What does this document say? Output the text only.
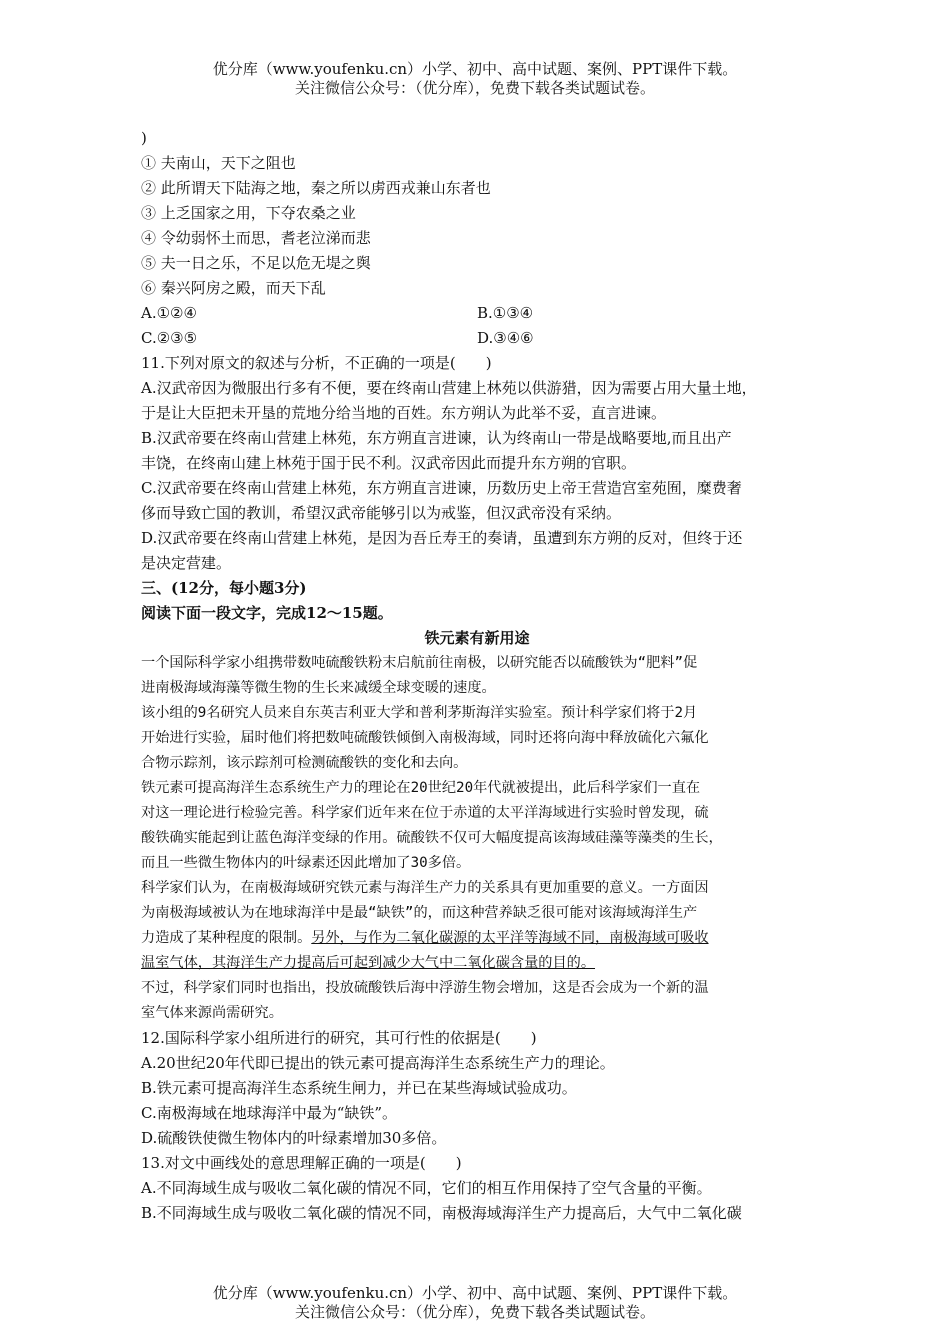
优分库（www.youfenku.cn）小学、初中、高中试题、案例、PPT课件下载。
关注微信公众号：（优分库），免费下载各类试题试卷。
)
① 夫南山，天下之阻也
② 此所谓天下陆海之地，秦之所以虏西戎兼山东者也
③ 上乏国家之用，下夺农桑之业
④ 令幼弱怀土而思，耆老泣涕而悲
⑤ 夫一日之乐，不足以危无堤之舆
⑥ 秦兴阿房之殿，而天下乱
A.①②④	B.①③④
C.②③⑤	D.③④⑥
11.下列对原文的叙述与分析，不正确的一项是(　　)
A.汉武帝因为微服出行多有不便，要在终南山营建上林苑以供游猎，因为需要占用大量土地，
于是让大臣把未开垦的荒地分给当地的百姓。东方朔认为此举不妥，直言进谏。
B.汉武帝要在终南山营建上林苑，东方朔直言进谏，认为终南山一带是战略要地,而且出产
丰饶，在终南山建上林苑于国于民不利。汉武帝因此而提升东方朔的官职。
C.汉武帝要在终南山营建上林苑，东方朔直言进谏，历数历史上帝王营造宫室苑囿，糜费奢
侈而导致亡国的教训，希望汉武帝能够引以为戒鉴，但汉武帝没有采纳。
D.汉武帝要在终南山营建上林苑，是因为吾丘寿王的奏请，虽遭到东方朔的反对，但终于还
是决定营建。
三、(12分，每小题3分)
阅读下面一段文字，完成12～15题。
铁元素有新用途
一个国际科学家小组携带数吨硫酸铁粉末启航前往南极，以研究能否以硫酸铁为“肥料”促
进南极海域海藻等微生物的生长来减缓全球变暖的速度。
该小组的9名研究人员来自东英吉利亚大学和普利茅斯海洋实验室。预计科学家们将于2月
开始进行实验，届时他们将把数吨硫酸铁倾倒入南极海域，同时还将向海中释放硫化六氟化
合物示踪剂，该示踪剂可检测硫酸铁的变化和去向。
铁元素可提高海洋生态系统生产力的理论在20世纪20年代就被提出，此后科学家们一直在
对这一理论进行检验完善。科学家们近年来在位于赤道的太平洋海域进行实验时曾发现，硫
酸铁确实能起到让蓝色海洋变绿的作用。硫酸铁不仅可大幅度提高该海域硅藻等藻类的生长，
而且一些微生物体内的叶绿素还因此增加了30多倍。
科学家们认为，在南极海域研究铁元素与海洋生产力的关系具有更加重要的意义。一方面因
为南极海域被认为在地球海洋中是最“缺铁”的，而这种营养缺乏很可能对该海域海洋生产
力造成了某种程度的限制。另外，与作为二氧化碳源的太平洋等海域不同，南极海域可吸收
温室气体，其海洋生产力提高后可起到减少大气中二氧化碳含量的目的。
不过，科学家们同时也指出，投放硫酸铁后海中浮游生物会增加，这是否会成为一个新的温
室气体来源尚需研究。
12.国际科学家小组所进行的研究，其可行性的依据是(　　)
A.20世纪20年代即已提出的铁元素可提高海洋生态系统生产力的理论。
B.铁元素可提高海洋生态系统生闸力，并已在某些海域试验成功。
C.南极海域在地球海洋中最为“缺铁”。
D.硫酸铁使微生物体内的叶绿素增加30多倍。
13.对文中画线处的意思理解正确的一项是(　　)
A.不同海域生成与吸收二氧化碳的情况不同，它们的相互作用保持了空气含量的平衡。
B.不同海域生成与吸收二氧化碳的情况不同，南极海域海洋生产力提高后，大气中二氧化碳
优分库（www.youfenku.cn）小学、初中、高中试题、案例、PPT课件下载。
关注微信公众号：（优分库），免费下载各类试题试卷。
